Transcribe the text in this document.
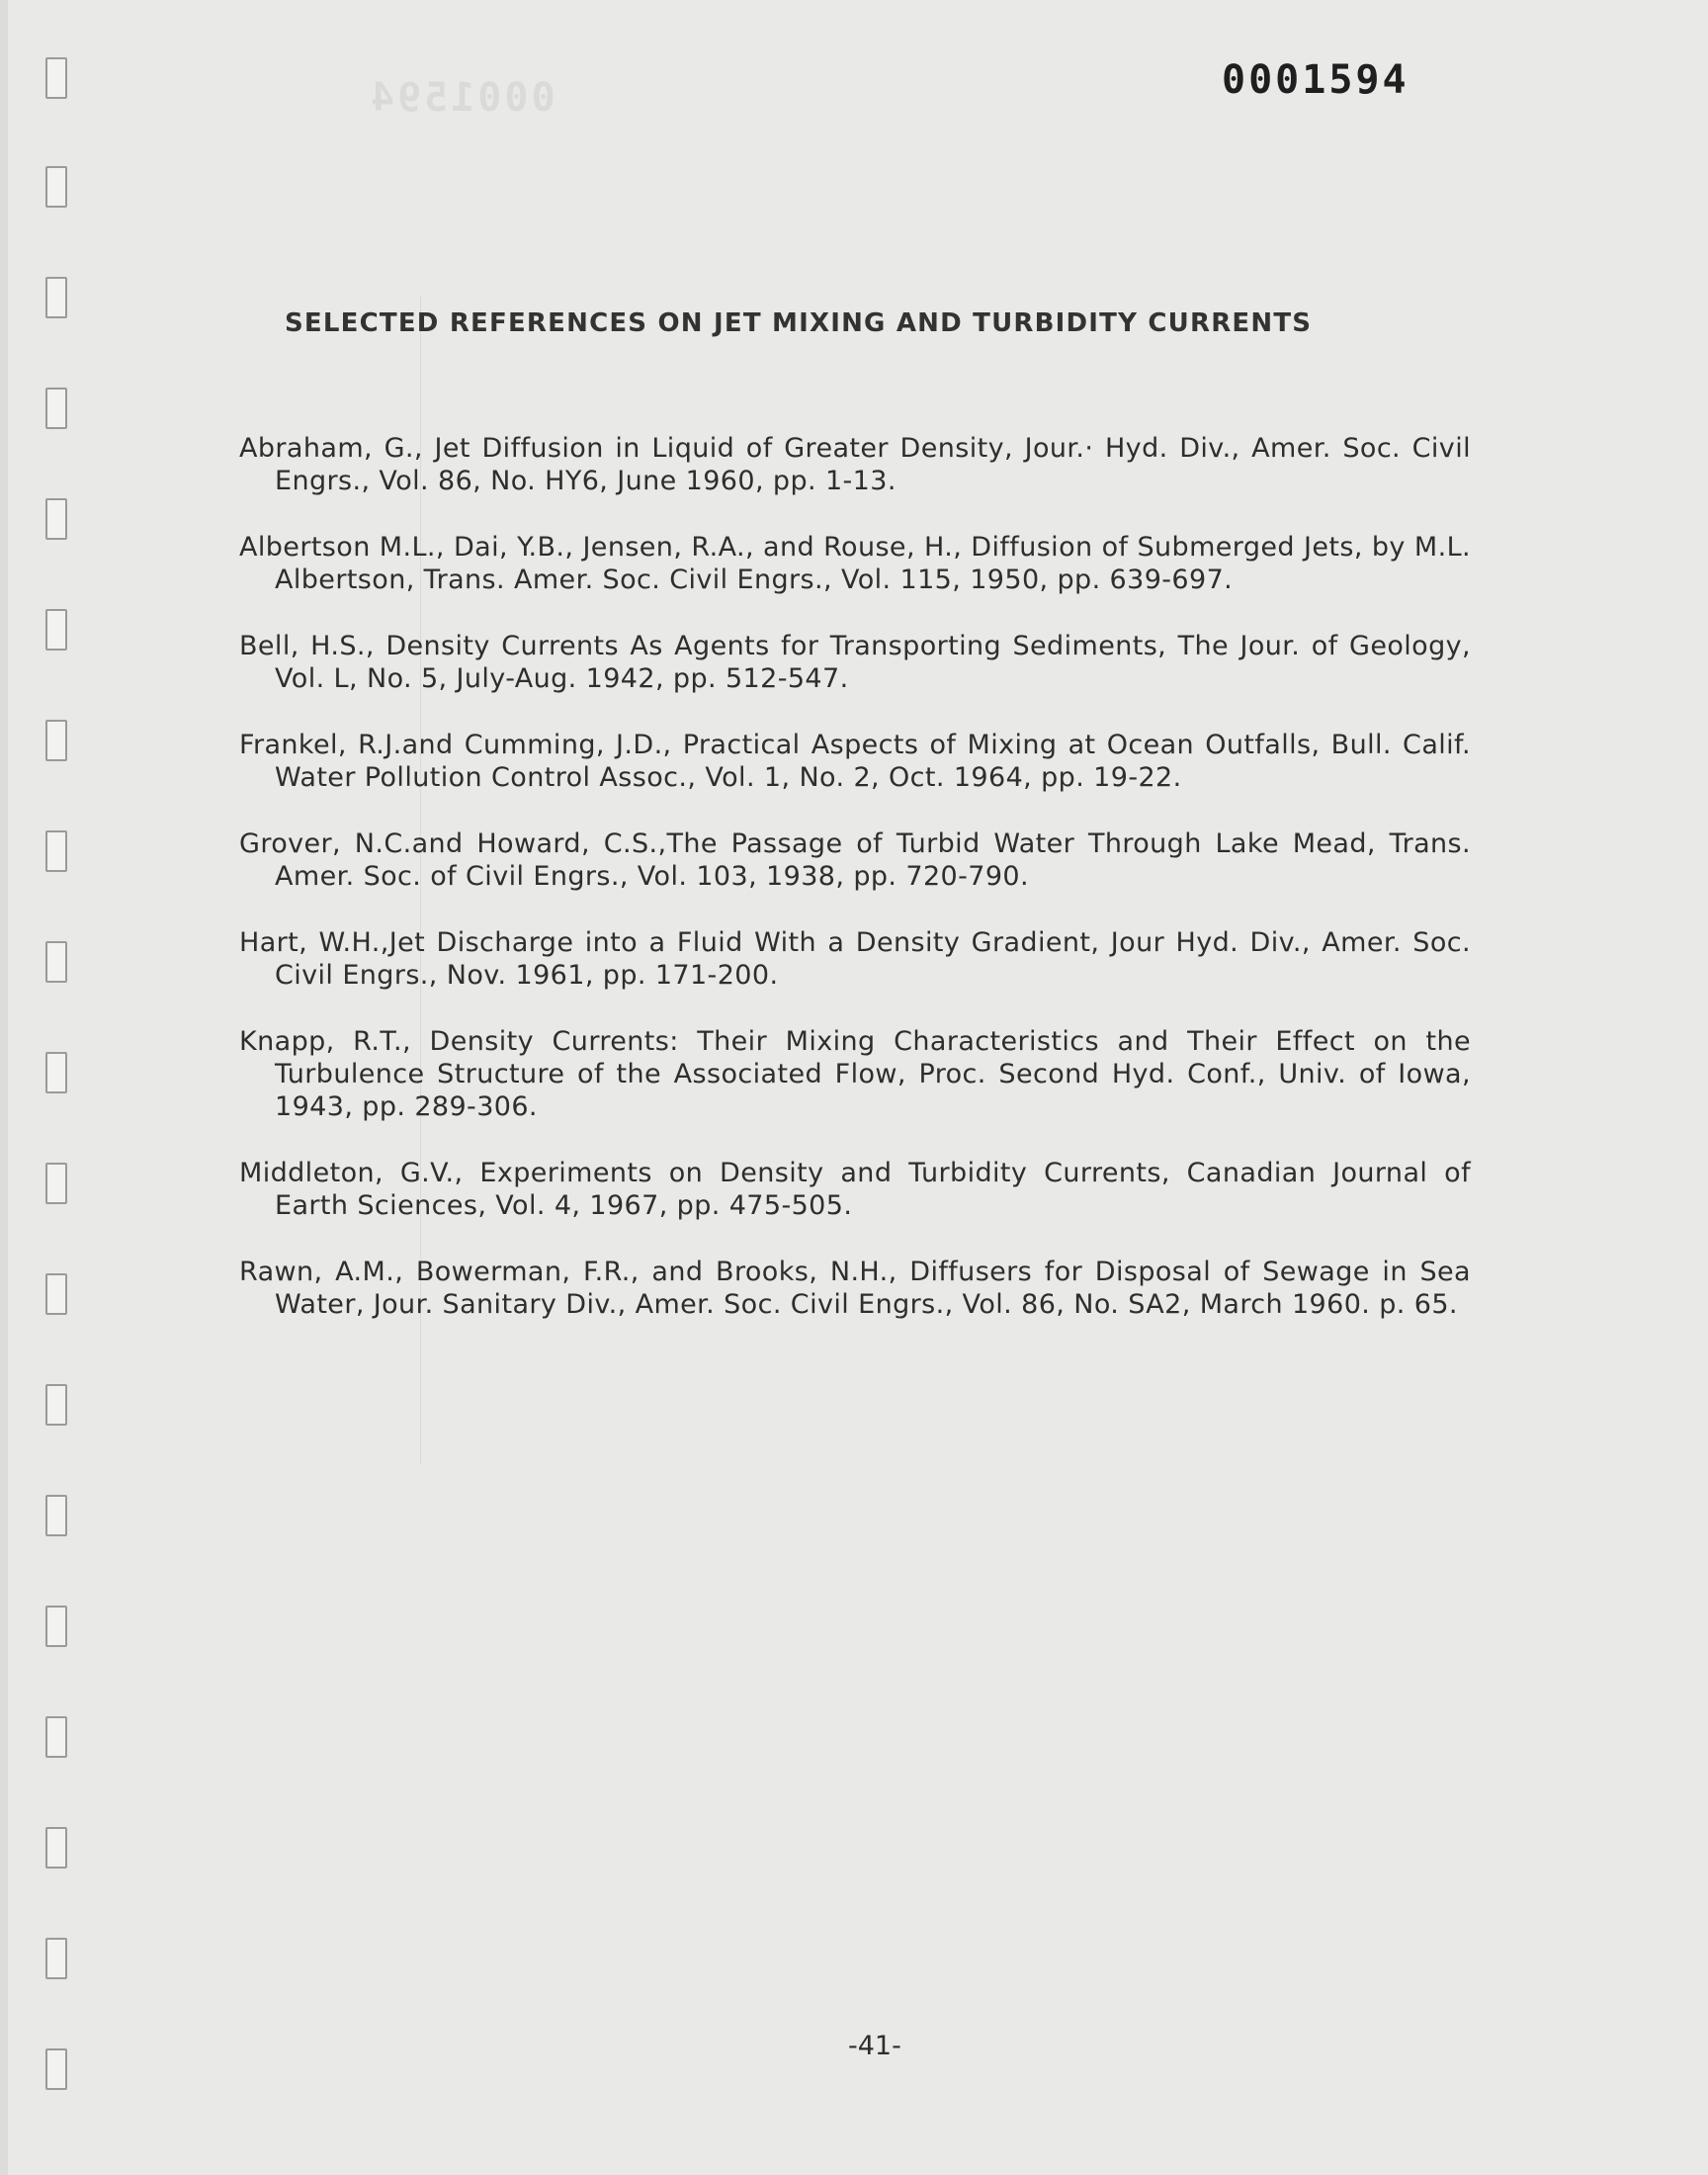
0001594
0001594
SELECTED REFERENCES ON JET MIXING AND TURBIDITY CURRENTS

Abraham, G., Jet Diffusion in Liquid of Greater Density, Jour.· Hyd. Div., Amer. Soc. Civil Engrs., Vol. 86, No. HY6, June 1960, pp. 1-13.

Albertson M.L., Dai, Y.B., Jensen, R.A., and Rouse, H., Diffusion of Submerged Jets, by M.L. Albertson, Trans. Amer. Soc. Civil Engrs., Vol. 115, 1950, pp. 639-697.

Bell, H.S., Density Currents As Agents for Transporting Sediments, The Jour. of Geology, Vol. L, No. 5, July-Aug. 1942, pp. 512-547.

Frankel, R.J.and Cumming, J.D., Practical Aspects of Mixing at Ocean Outfalls, Bull. Calif. Water Pollution Control Assoc., Vol. 1, No. 2, Oct. 1964, pp. 19-22.

Grover, N.C.and Howard, C.S.,The Passage of Turbid Water Through Lake Mead, Trans. Amer. Soc. of Civil Engrs., Vol. 103, 1938, pp. 720-790.

Hart, W.H.,Jet Discharge into a Fluid With a Density Gradient, Jour Hyd. Div., Amer. Soc. Civil Engrs., Nov. 1961, pp. 171-200.

Knapp, R.T., Density Currents: Their Mixing Characteristics and Their Effect on the Turbulence Structure of the Associated Flow, Proc. Second Hyd. Conf., Univ. of Iowa, 1943, pp. 289-306.

Middleton, G.V., Experiments on Density and Turbidity Currents, Canadian Journal of Earth Sciences, Vol. 4, 1967, pp. 475-505.

Rawn, A.M., Bowerman, F.R., and Brooks, N.H., Diffusers for Disposal of Sewage in Sea Water, Jour. Sanitary Div., Amer. Soc. Civil Engrs., Vol. 86, No. SA2, March 1960. p. 65.

-41-
